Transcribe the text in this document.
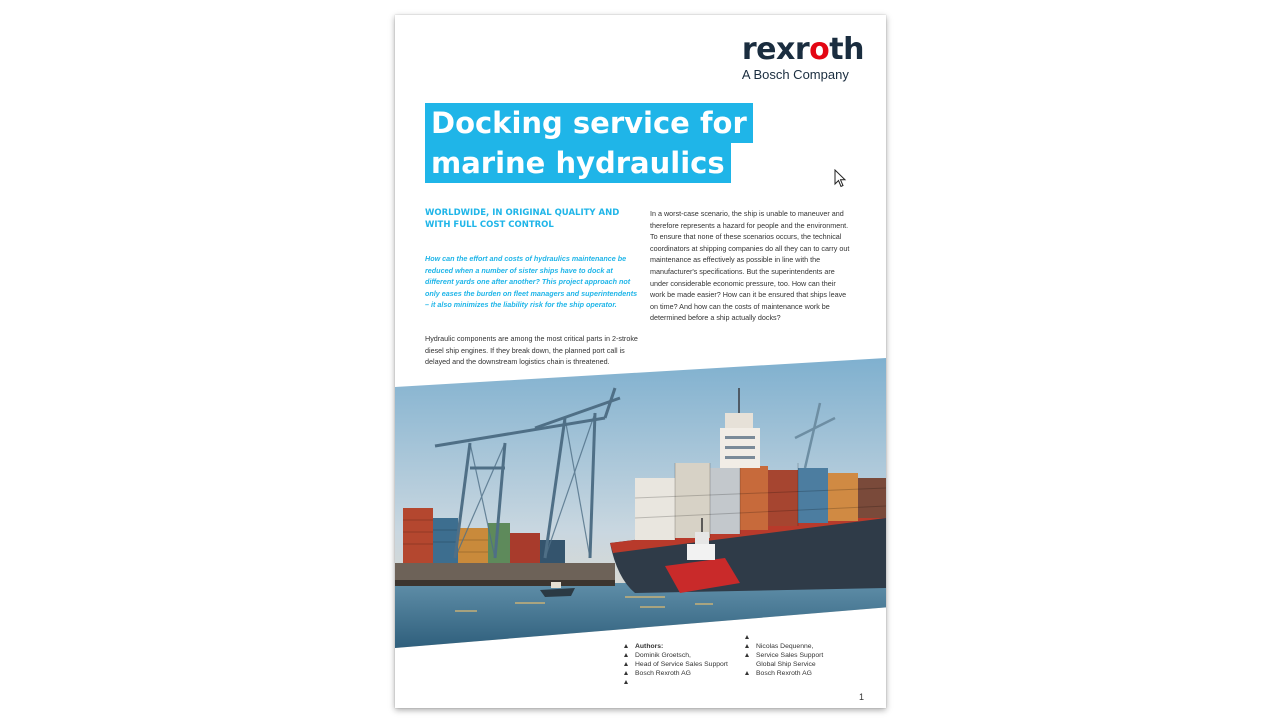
rexroth
A Bosch Company
Docking service for
marine hydraulics
WORLDWIDE, IN ORIGINAL QUALITY AND WITH FULL COST CONTROL
How can the effort and costs of hydraulics maintenance be reduced when a number of sister ships have to dock at different yards one after another? This project approach not only eases the burden on fleet managers and superintendents – it also minimizes the liability risk for the ship operator.
Hydraulic components are among the most critical parts in 2-stroke diesel ship engines. If they break down, the planned port call is delayed and the downstream logistics chain is threatened.
In a worst-case scenario, the ship is unable to maneuver and therefore represents a hazard for people and the environment. To ensure that none of these scenarios occurs, the technical coordinators at shipping companies do all they can to carry out maintenance as effectively as possible in line with the manufacturer's specifications. But the superintendents are under considerable economic pressure, too. How can their work be made easier? How can it be ensured that ships leave on time? And how can the costs of maintenance work be determined before a ship actually docks?
Authors:
Dominik Groetsch,
Head of Service Sales Support
Bosch Rexroth AG

Nicolas Dequenne,
Service Sales Support
Global Ship Service
Bosch Rexroth AG
1
